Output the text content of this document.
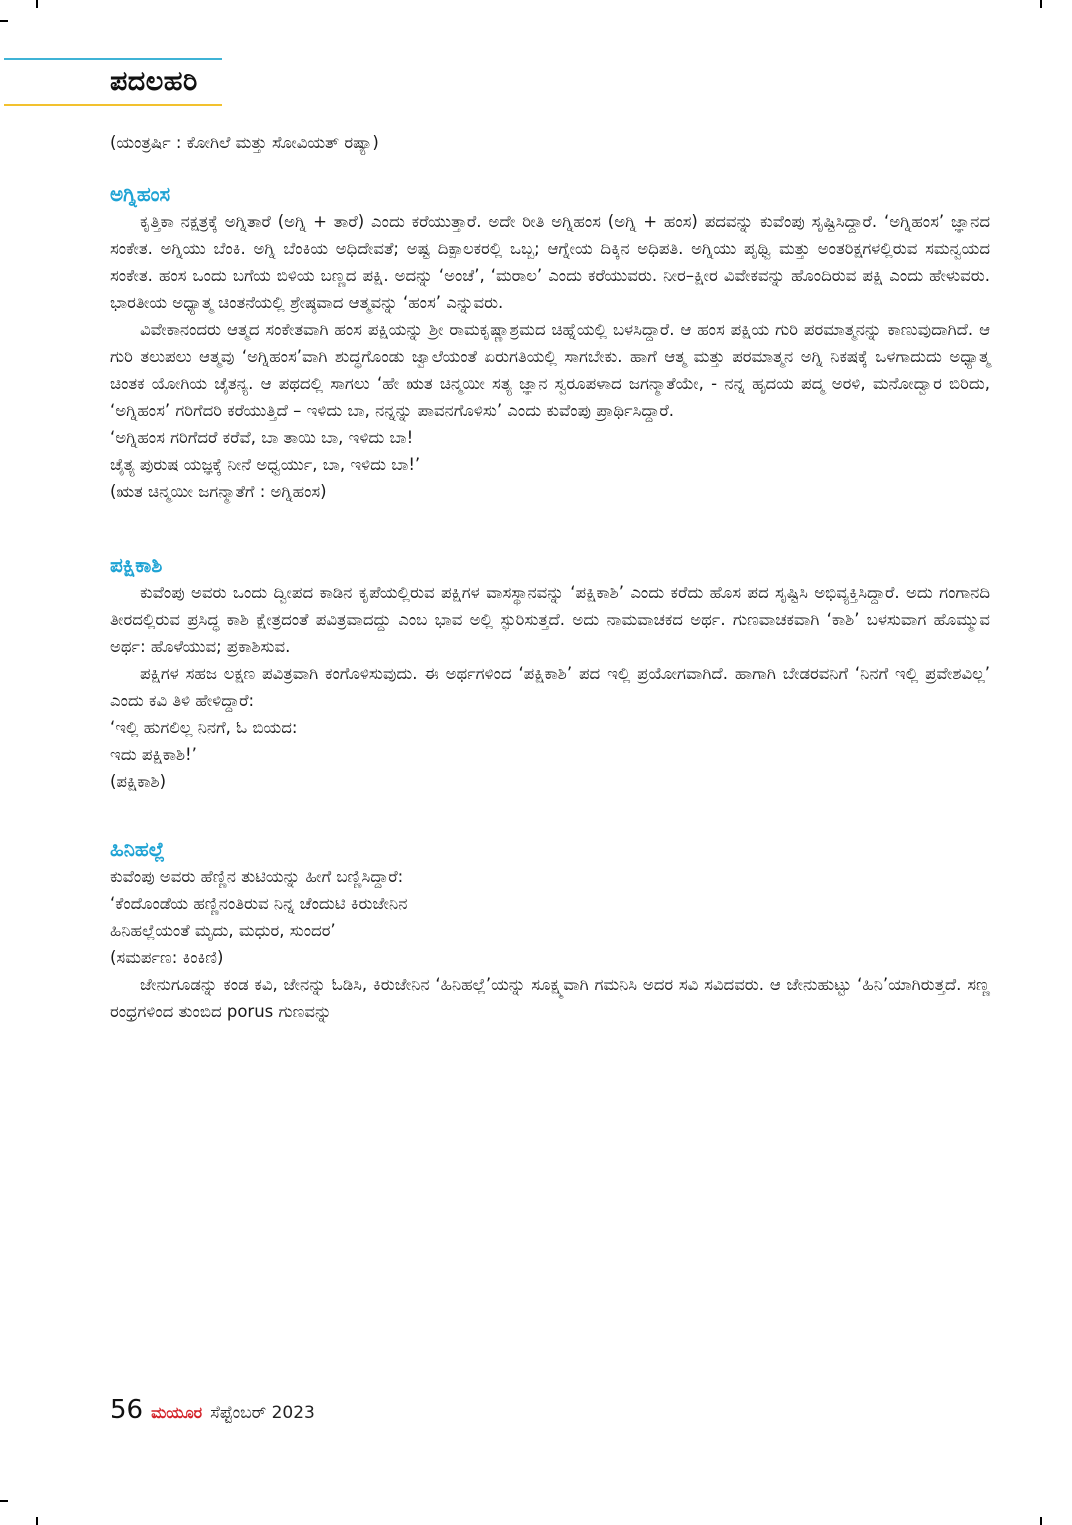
ಪದಲಹರಿ

(ಯಂತ್ರರ್ಷಿ : ಕೋಗಿಲೆ ಮತ್ತು ಸೋವಿಯತ್ ರಷ್ಯಾ)

ಅಗ್ನಿಹಂಸ

ಕೃತ್ತಿಕಾ ನಕ್ಷತ್ರಕ್ಕೆ ಅಗ್ನಿತಾರೆ (ಅಗ್ನಿ + ತಾರೆ) ಎಂದು ಕರೆಯುತ್ತಾರೆ. ಅದೇ ರೀತಿ ಅಗ್ನಿಹಂಸ (ಅಗ್ನಿ + ಹಂಸ) ಪದವನ್ನು ಕುವೆಂಪು ಸೃಷ್ಟಿಸಿದ್ದಾರೆ. ‘ಅಗ್ನಿಹಂಸ’ ಜ್ಞಾನದ ಸಂಕೇತ. ಅಗ್ನಿಯು ಬೆಂಕಿ. ಅಗ್ನಿ ಬೆಂಕಿಯ ಅಧಿದೇವತೆ; ಅಷ್ಟ ದಿಕ್ಪಾಲಕರಲ್ಲಿ ಒಬ್ಬ; ಆಗ್ನೇಯ ದಿಕ್ಕಿನ ಅಧಿಪತಿ. ಅಗ್ನಿಯು ಪೃಥ್ವಿ ಮತ್ತು ಅಂತರಿಕ್ಷಗಳಲ್ಲಿರುವ ಸಮನ್ವಯದ ಸಂಕೇತ. ಹಂಸ ಒಂದು ಬಗೆಯ ಬಿಳಿಯ ಬಣ್ಣದ ಪಕ್ಷಿ. ಅದನ್ನು ‘ಅಂಚೆ’, ‘ಮರಾಲ’ ಎಂದು ಕರೆಯುವರು. ನೀರ–ಕ್ಷೀರ ವಿವೇಕವನ್ನು ಹೊಂದಿರುವ ಪಕ್ಷಿ ಎಂದು ಹೇಳುವರು. ಭಾರತೀಯ ಅಧ್ಯಾತ್ಮ ಚಿಂತನೆಯಲ್ಲಿ ಶ್ರೇಷ್ಠವಾದ ಆತ್ಮವನ್ನು ‘ಹಂಸ’ ಎನ್ನುವರು.

ವಿವೇಕಾನಂದರು ಆತ್ಮದ ಸಂಕೇತವಾಗಿ ಹಂಸ ಪಕ್ಷಿಯನ್ನು ಶ್ರೀ ರಾಮಕೃಷ್ಣಾಶ್ರಮದ ಚಿಹ್ನೆಯಲ್ಲಿ ಬಳಸಿದ್ದಾರೆ. ಆ ಹಂಸ ಪಕ್ಷಿಯ ಗುರಿ ಪರಮಾತ್ಮನನ್ನು ಕಾಣುವುದಾಗಿದೆ. ಆ ಗುರಿ ತಲುಪಲು ಆತ್ಮವು ‘ಅಗ್ನಿಹಂಸ’ವಾಗಿ ಶುದ್ಧಗೊಂಡು ಜ್ವಾಲೆಯಂತೆ ಏರುಗತಿಯಲ್ಲಿ ಸಾಗಬೇಕು. ಹಾಗೆ ಆತ್ಮ ಮತ್ತು ಪರಮಾತ್ಮನ ಅಗ್ನಿ ನಿಕಷಕ್ಕೆ ಒಳಗಾದುದು ಅಧ್ಯಾತ್ಮ ಚಿಂತಕ ಯೋಗಿಯ ಚೈತನ್ಯ. ಆ ಪಥದಲ್ಲಿ ಸಾಗಲು ‘ಹೇ ಋತ ಚಿನ್ಮಯೀ ಸತ್ಯ ಜ್ಞಾನ ಸ್ವರೂಪಳಾದ ಜಗನ್ಮಾತೆಯೇ, - ನನ್ನ ಹೃದಯ ಪದ್ಮ ಅರಳಿ, ಮನೋದ್ವಾರ ಬಿರಿದು, ‘ಅಗ್ನಿಹಂಸ’ ಗರಿಗೆದರಿ ಕರೆಯುತ್ತಿದೆ – ಇಳಿದು ಬಾ, ನನ್ನನ್ನು ಪಾವನಗೊಳಿಸು’ ಎಂದು ಕುವೆಂಪು ಪ್ರಾರ್ಥಿಸಿದ್ದಾರೆ.

‘ಅಗ್ನಿಹಂಸ ಗರಿಗೆದರೆ ಕರೆವೆ, ಬಾ ತಾಯಿ ಬಾ, ಇಳಿದು ಬಾ!

ಚೈತ್ಯ ಪುರುಷ ಯಜ್ಞಕ್ಕೆ ನೀನೆ ಅಧ್ವರ್ಯು, ಬಾ, ಇಳಿದು ಬಾ!’

(ಋತ ಚಿನ್ಮಯೀ ಜಗನ್ಮಾತೆಗೆ : ಅಗ್ನಿಹಂಸ)

ಪಕ್ಷಿಕಾಶಿ

ಕುವೆಂಪು ಅವರು ಒಂದು ದ್ವೀಪದ ಕಾಡಿನ ಕೃಪೆಯಲ್ಲಿರುವ ಪಕ್ಷಿಗಳ ವಾಸಸ್ಥಾನವನ್ನು ‘ಪಕ್ಷಿಕಾಶಿ’ ಎಂದು ಕರೆದು ಹೊಸ ಪದ ಸೃಷ್ಟಿಸಿ ಅಭಿವ್ಯಕ್ತಿಸಿದ್ದಾರೆ. ಅದು ಗಂಗಾನದಿ ತೀರದಲ್ಲಿರುವ ಪ್ರಸಿದ್ಧ ಕಾಶಿ ಕ್ಷೇತ್ರದಂತೆ ಪವಿತ್ರವಾದದ್ದು ಎಂಬ ಭಾವ ಅಲ್ಲಿ ಸ್ಫುರಿಸುತ್ತದೆ. ಅದು ನಾಮವಾಚಕದ ಅರ್ಥ. ಗುಣವಾಚಕವಾಗಿ ‘ಕಾಶಿ’ ಬಳಸುವಾಗ ಹೊಮ್ಮುವ ಅರ್ಥ: ಹೊಳೆಯುವ; ಪ್ರಕಾಶಿಸುವ.

ಪಕ್ಷಿಗಳ ಸಹಜ ಲಕ್ಷಣ ಪವಿತ್ರವಾಗಿ ಕಂಗೊಳಿಸುವುದು. ಈ ಅರ್ಥಗಳಿಂದ ‘ಪಕ್ಷಿಕಾಶಿ’ ಪದ ಇಲ್ಲಿ ಪ್ರಯೋಗವಾಗಿದೆ. ಹಾಗಾಗಿ ಬೇಡರವನಿಗೆ ‘ನಿನಗೆ ಇಲ್ಲಿ ಪ್ರವೇಶವಿಲ್ಲ’ ಎಂದು ಕವಿ ತಿಳಿ ಹೇಳಿದ್ದಾರೆ:

‘ಇಲ್ಲಿ ಹುಗಲಿಲ್ಲ ನಿನಗೆ, ಓ ಬಿಯದ:

ಇದು ಪಕ್ಷಿಕಾಶಿ!’

(ಪಕ್ಷಿಕಾಶಿ)

ಹಿನಿಹಲ್ಲೆ

ಕುವೆಂಪು ಅವರು ಹೆಣ್ಣಿನ ತುಟಿಯನ್ನು ಹೀಗೆ ಬಣ್ಣಿಸಿದ್ದಾರೆ:

‘ಕೆಂದೊಂಡೆಯ ಹಣ್ಣಿನಂತಿರುವ ನಿನ್ನ ಚೆಂದುಟಿ ಕಿರುಜೇನಿನ

ಹಿನಿಹಲ್ಲೆಯಂತೆ ಮೃದು, ಮಧುರ, ಸುಂದರ’

(ಸಮರ್ಪಣ: ಕಿಂಕಿಣಿ)

ಜೇನುಗೂಡನ್ನು ಕಂಡ ಕವಿ, ಜೇನನ್ನು ಓಡಿಸಿ, ಕಿರುಜೇನಿನ ‘ಹಿನಿಹಲ್ಲೆ’ಯನ್ನು ಸೂಕ್ಷ್ಮವಾಗಿ ಗಮನಿಸಿ ಅದರ ಸವಿ ಸವಿದವರು. ಆ ಜೇನುಹುಟ್ಟು ‘ಹಿನಿ’ಯಾಗಿರುತ್ತದೆ. ಸಣ್ಣ ರಂಧ್ರಗಳಿಂದ ತುಂಬಿದ porus ಗುಣವನ್ನು

56 ಮಯೂರ ಸೆಪ್ಟೆಂಬರ್ 2023
